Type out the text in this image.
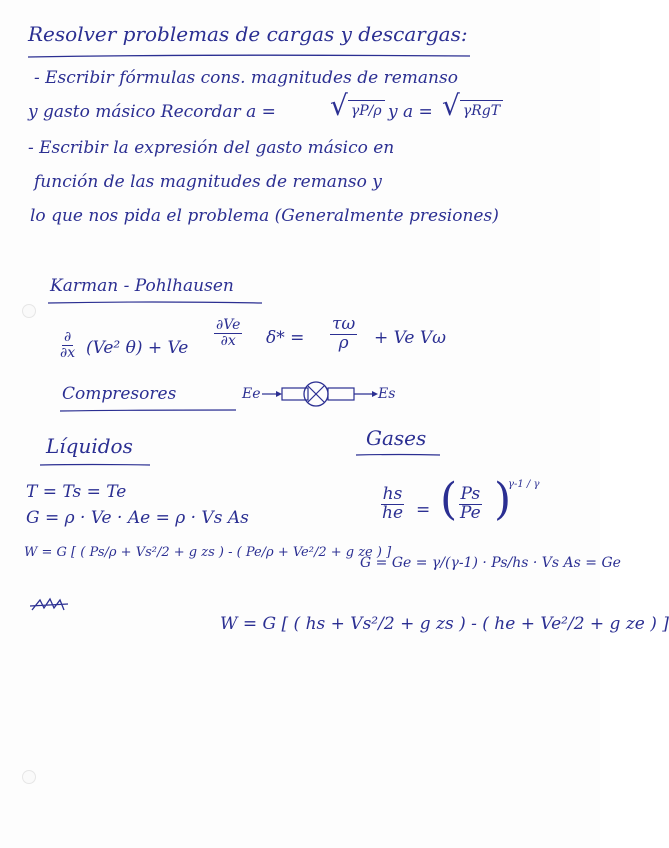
Resolver problemas de cargas y descargas:
- Escribir fórmulas cons. magnitudes de remanso
y gasto másico Recordar a = √ γP/ρ y a = √ γRgT
- Escribir la expresión del gasto másico en
función de las magnitudes de remanso y
lo que nos pida el problema (Generalmente presiones)
Karman - Pohlhausen
∂
∂x (Ve² θ) + Ve $\frac{\partial Ve}{\partial x} \delta* = \frac{\tau\omega}{\rho} + Ve$ Vω
Compresores	Ee	Es
Líquidos	Gases
T = Ts = Te
G = ρ · Ve · Ae = ρ · Vs As
W = G [ ( Ps/ρ + Vs²/2 + g zs ) - ( Pe/ρ + Ve²/2 + g ze ) ]
$\frac{hs}{he}$ = ( $\frac{Ps}{Pe}$ )
γ-1 / γ
G = Ge = γ/(γ-1) · Ps/hs · Vs As = Ge
W = G [ ( hs + Vs²/2 + g zs ) - ( he + Ve²/2 + g ze ) ]
